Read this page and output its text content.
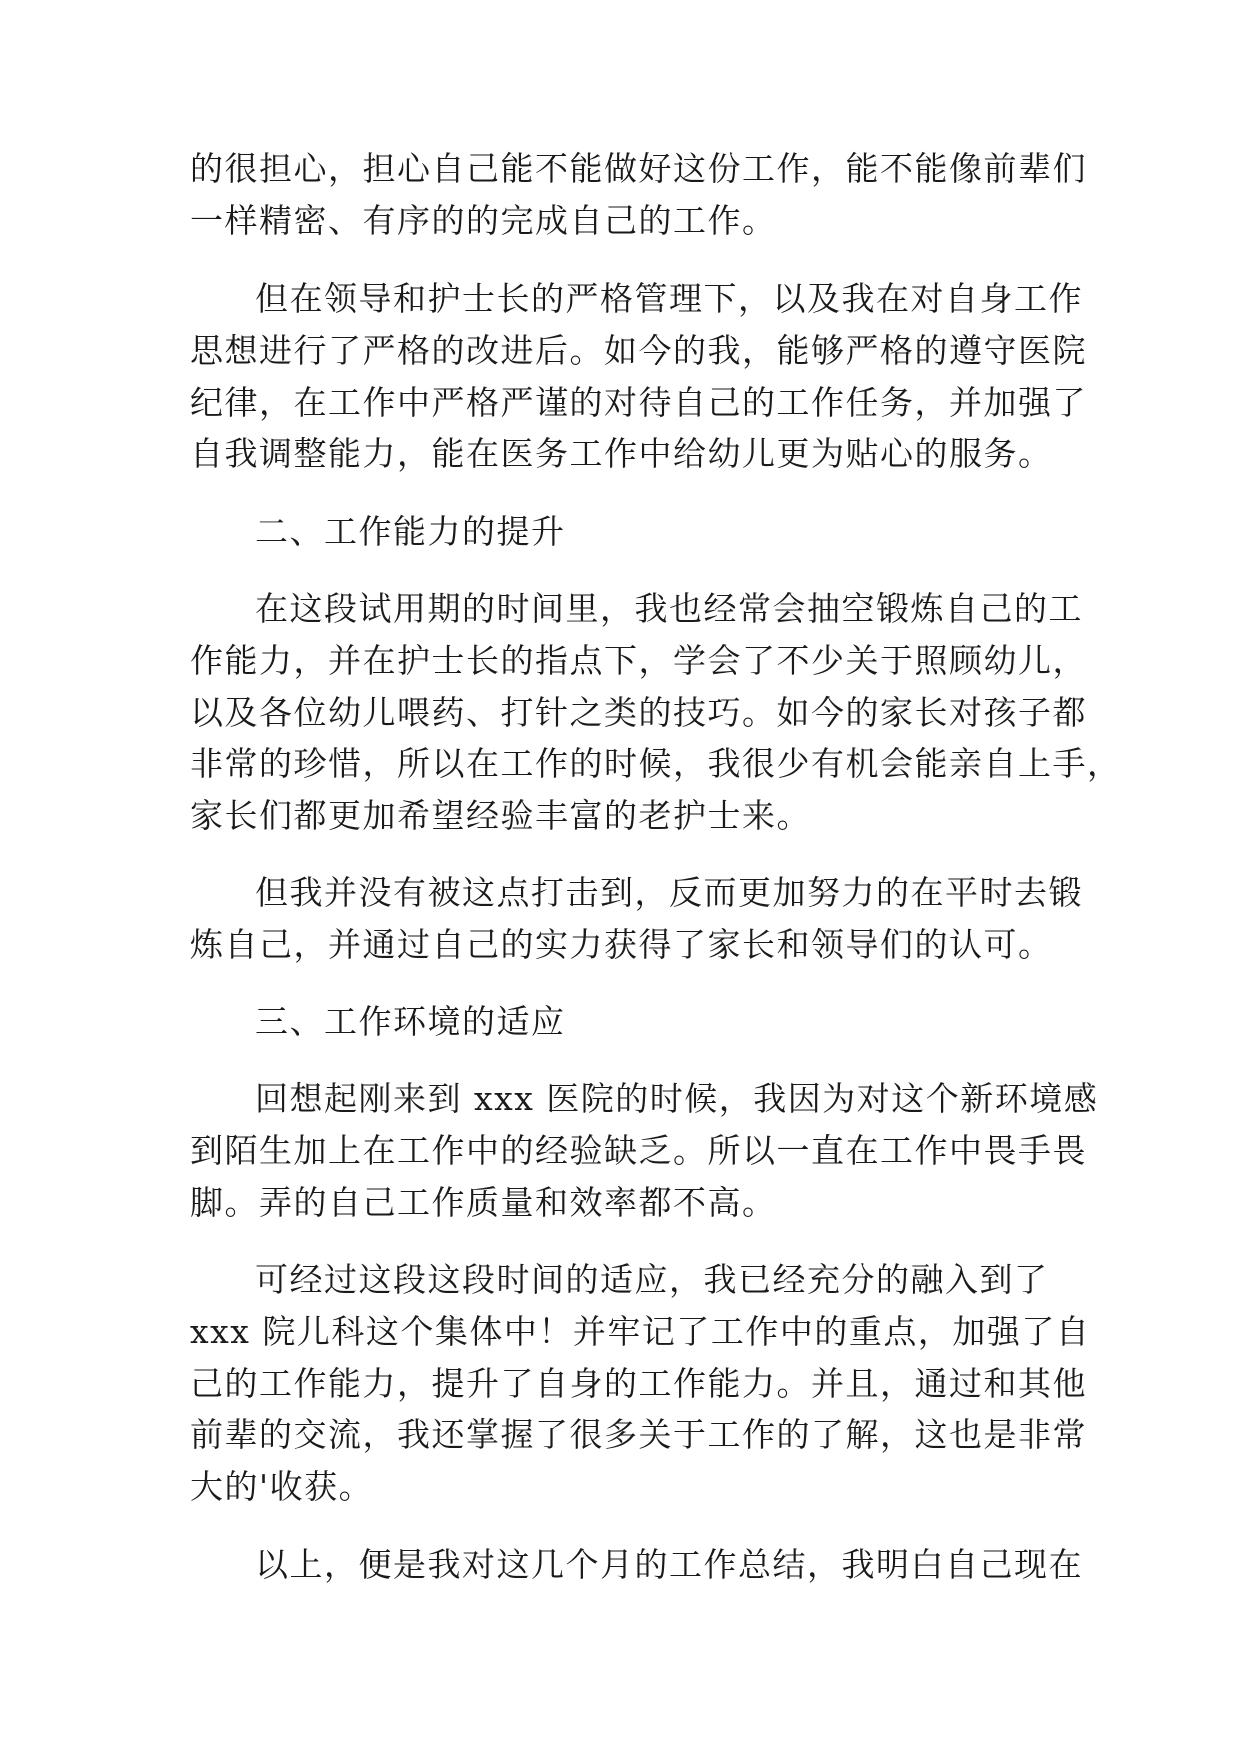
的很担心，担心自己能不能做好这份工作，能不能像前辈们
一样精密、有序的的完成自己的工作。
但在领导和护士长的严格管理下，以及我在对自身工作
思想进行了严格的改进后。如今的我，能够严格的遵守医院
纪律，在工作中严格严谨的对待自己的工作任务，并加强了
自我调整能力，能在医务工作中给幼儿更为贴心的服务。
二、工作能力的提升
在这段试用期的时间里，我也经常会抽空锻炼自己的工
作能力，并在护士长的指点下，学会了不少关于照顾幼儿，
以及各位幼儿喂药、打针之类的技巧。如今的家长对孩子都
非常的珍惜，所以在工作的时候，我很少有机会能亲自上手，
家长们都更加希望经验丰富的老护士来。
但我并没有被这点打击到，反而更加努力的在平时去锻
炼自己，并通过自己的实力获得了家长和领导们的认可。
三、工作环境的适应
回想起刚来到 xxx 医院的时候，我因为对这个新环境感
到陌生加上在工作中的经验缺乏。所以一直在工作中畏手畏
脚。弄的自己工作质量和效率都不高。
可经过这段这段时间的适应，我已经充分的融入到了
xxx 院儿科这个集体中！并牢记了工作中的重点，加强了自
己的工作能力，提升了自身的工作能力。并且，通过和其他
前辈的交流，我还掌握了很多关于工作的了解，这也是非常
大的'收获。
以上，便是我对这几个月的工作总结，我明白自己现在
